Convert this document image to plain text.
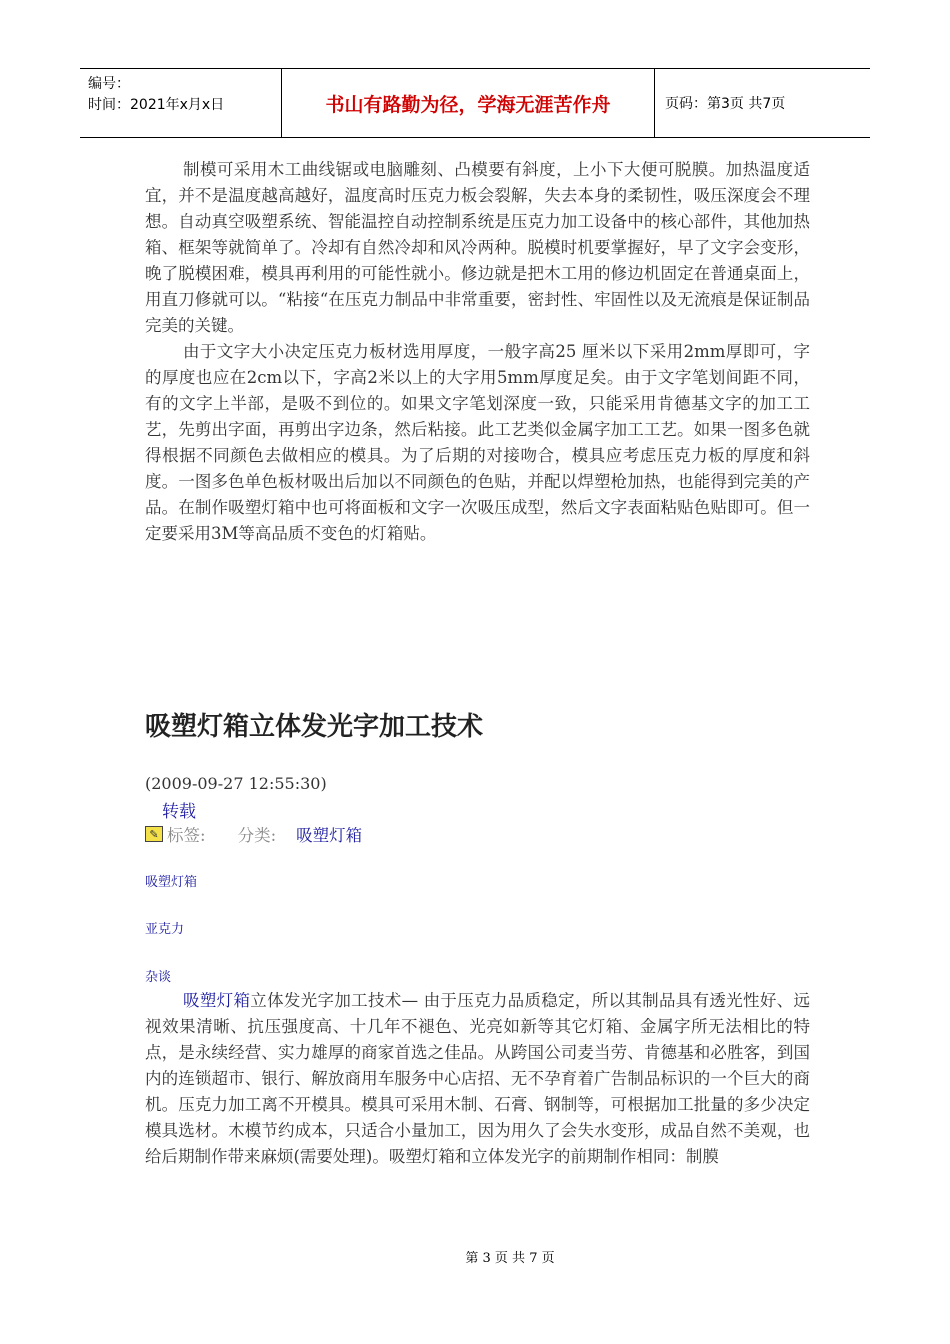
编号：
时间：2021年x月x日	书山有路勤为径，学海无涯苦作舟	页码：第3页 共7页

制模可采用木工曲线锯或电脑雕刻、凸模要有斜度，上小下大便可脱膜。加热温度适宜，并不是温度越高越好，温度高时压克力板会裂解，失去本身的柔韧性，吸压深度会不理想。自动真空吸塑系统、智能温控自动控制系统是压克力加工设备中的核心部件，其他加热箱、框架等就简单了。冷却有自然冷却和风冷两种。脱模时机要掌握好，早了文字会变形，晚了脱模困难，模具再利用的可能性就小。修边就是把木工用的修边机固定在普通桌面上，用直刀修就可以。“粘接“在压克力制品中非常重要，密封性、牢固性以及无流痕是保证制品完美的关键。

由于文字大小决定压克力板材选用厚度，一般字高25 厘米以下采用2mm厚即可，字的厚度也应在2cm以下，字高2米以上的大字用5mm厚度足矣。由于文字笔划间距不同，有的文字上半部，是吸不到位的。如果文字笔划深度一致，只能采用肯德基文字的加工工艺，先剪出字面，再剪出字边条，然后粘接。此工艺类似金属字加工工艺。如果一图多色就得根据不同颜色去做相应的模具。为了后期的对接吻合，模具应考虑压克力板的厚度和斜度。一图多色单色板材吸出后加以不同颜色的色贴，并配以焊塑枪加热，也能得到完美的产品。在制作吸塑灯箱中也可将面板和文字一次吸压成型，然后文字表面粘贴色贴即可。但一定要采用3M等高品质不变色的灯箱贴。

吸塑灯箱立体发光字加工技术
(2009-09-27 12:55:30)
转载
✎ 标签: 分类: 吸塑灯箱
吸塑灯箱
亚克力
杂谈

吸塑灯箱立体发光字加工技术— 由于压克力品质稳定，所以其制品具有透光性好、远视效果清晰、抗压强度高、十几年不褪色、光亮如新等其它灯箱、金属字所无法相比的特点，是永续经营、实力雄厚的商家首选之佳品。从跨国公司麦当劳、肯德基和必胜客，到国内的连锁超市、银行、解放商用车服务中心店招、无不孕育着广告制品标识的一个巨大的商机。压克力加工离不开模具。模具可采用木制、石膏、钢制等，可根据加工批量的多少决定模具选材。木模节约成本，只适合小量加工，因为用久了会失水变形，成品自然不美观，也给后期制作带来麻烦(需要处理)。吸塑灯箱和立体发光字的前期制作相同：制膜

第 3 页 共 7 页
